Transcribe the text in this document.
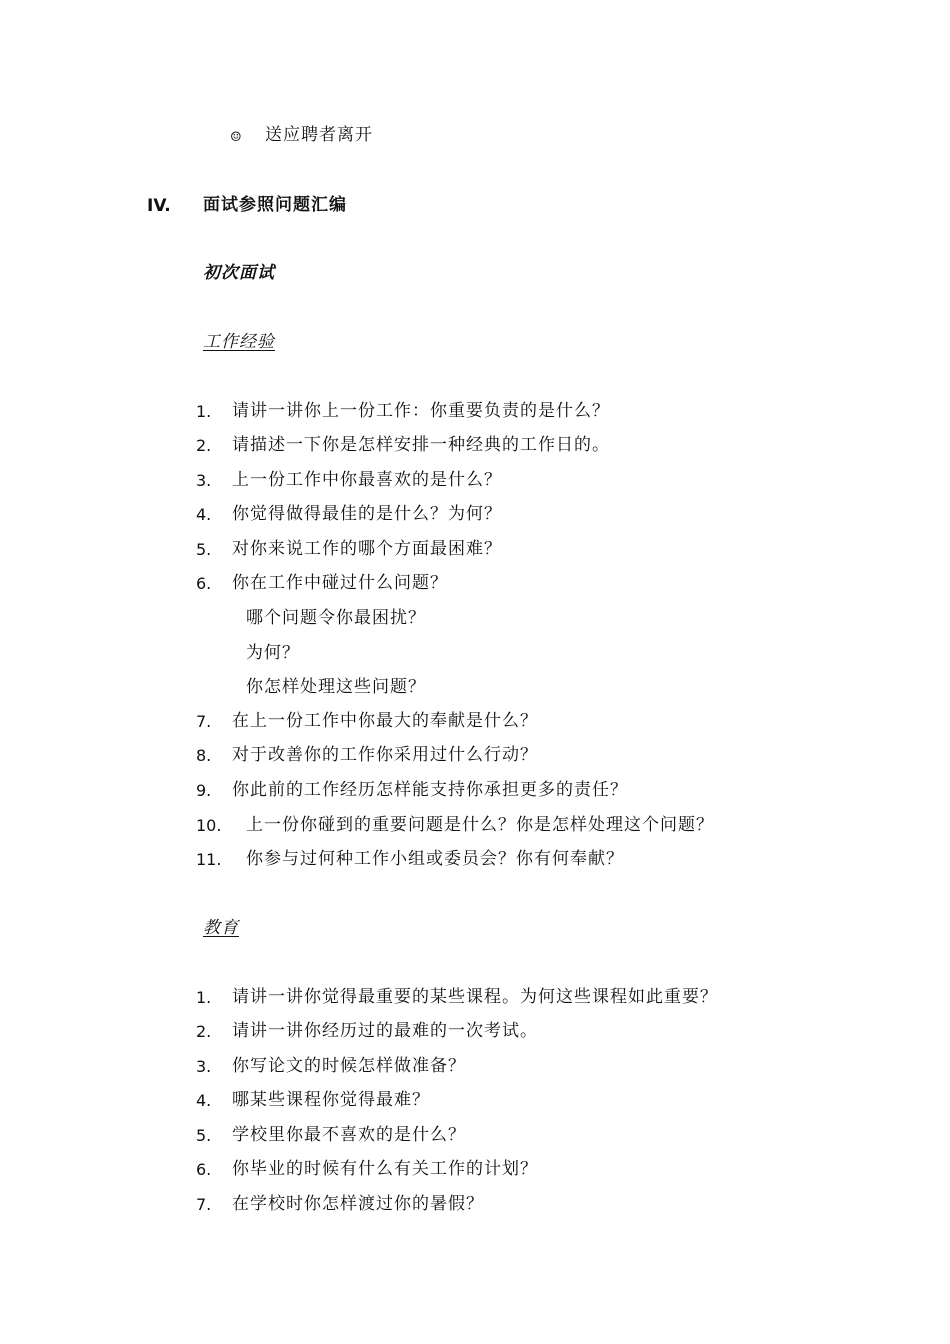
☺ 送应聘者离开
IV. 面试参照问题汇编
初次面试
工作经验
1. 请讲一讲你上一份工作：你重要负责的是什么？
2. 请描述一下你是怎样安排一种经典的工作日的。
3. 上一份工作中你最喜欢的是什么？
4. 你觉得做得最佳的是什么？为何？
5. 对你来说工作的哪个方面最困难？
6. 你在工作中碰过什么问题？
哪个问题令你最困扰？
为何？
你怎样处理这些问题？
7. 在上一份工作中你最大的奉献是什么？
8. 对于改善你的工作你采用过什么行动？
9. 你此前的工作经历怎样能支持你承担更多的责任？
10. 上一份你碰到的重要问题是什么？你是怎样处理这个问题？
11. 你参与过何种工作小组或委员会？你有何奉献？
教育
1. 请讲一讲你觉得最重要的某些课程。为何这些课程如此重要？
2. 请讲一讲你经历过的最难的一次考试。
3. 你写论文的时候怎样做准备？
4. 哪某些课程你觉得最难？
5. 学校里你最不喜欢的是什么？
6. 你毕业的时候有什么有关工作的计划？
7. 在学校时你怎样渡过你的暑假？
